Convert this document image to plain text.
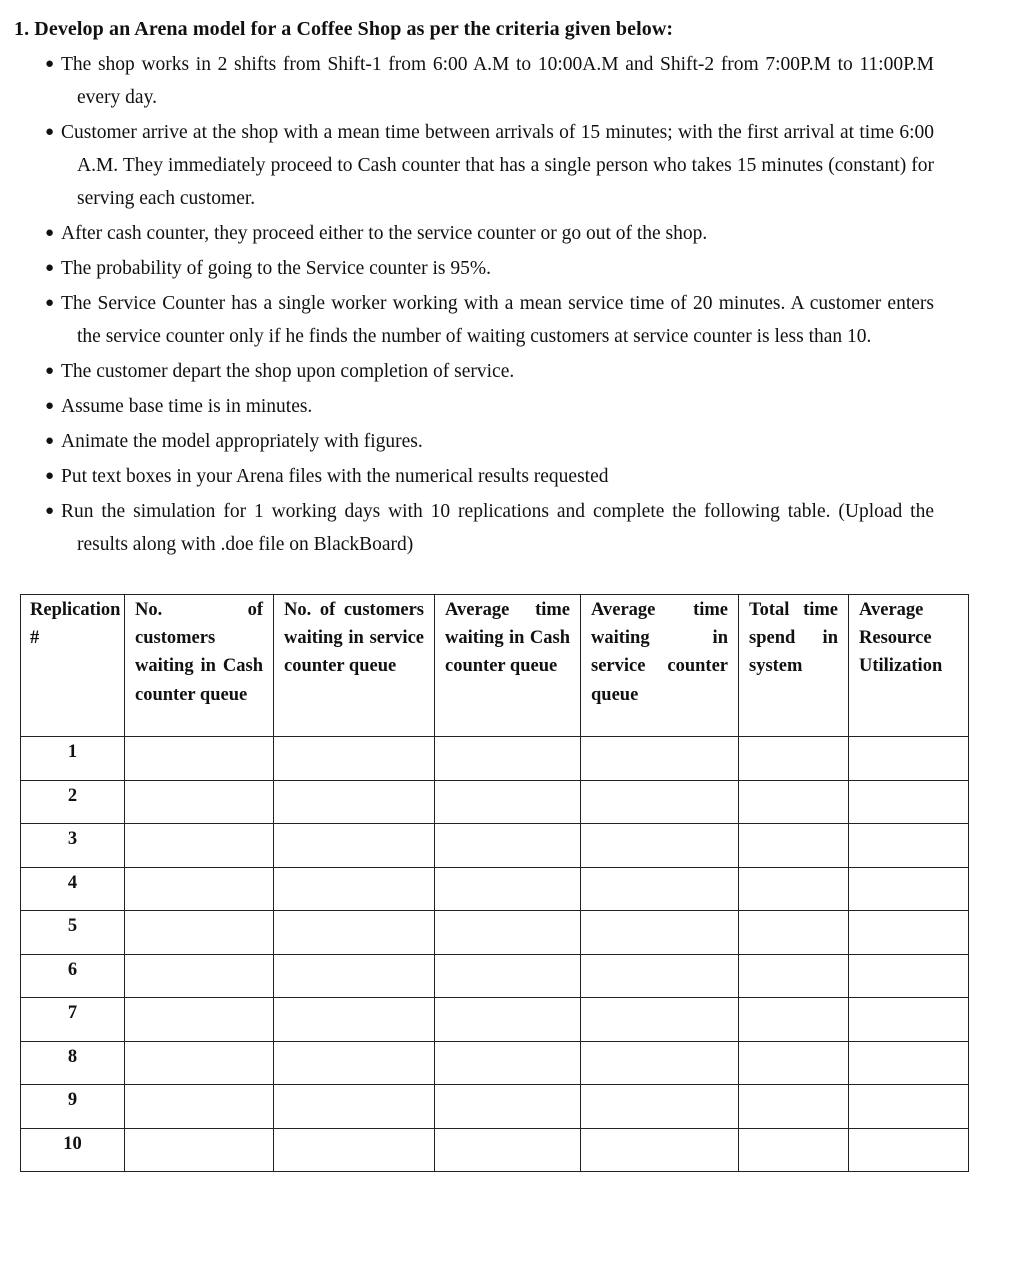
1. Develop an Arena model for a Coffee Shop as per the criteria given below:
● The shop works in 2 shifts from Shift-1 from 6:00 A.M to 10:00A.M and Shift-2 from 7:00P.M to 11:00P.M every day.
● Customer arrive at the shop with a mean time between arrivals of 15 minutes; with the first arrival at time 6:00 A.M. They immediately proceed to Cash counter that has a single person who takes 15 minutes (constant) for serving each customer.
● After cash counter, they proceed either to the service counter or go out of the shop.
● The probability of going to the Service counter is 95%.
● The Service Counter has a single worker working with a mean service time of 20 minutes. A customer enters the service counter only if he finds the number of waiting customers at service counter is less than 10.
● The customer depart the shop upon completion of service.
● Assume base time is in minutes.
● Animate the model appropriately with figures.
● Put text boxes in your Arena files with the numerical results requested
● Run the simulation for 1 working days with 10 replications and complete the following table. (Upload the results along with .doe file on BlackBoard)
Replication #	No. of customers waiting in Cash counter queue	No. of customers waiting in service counter queue	Average time waiting in Cash counter queue	Average time waiting in service counter queue	Total time spend in system	Average Resource Utilization

1						
2						
3						
4						
5						
6						
7						
8						
9						
10						
